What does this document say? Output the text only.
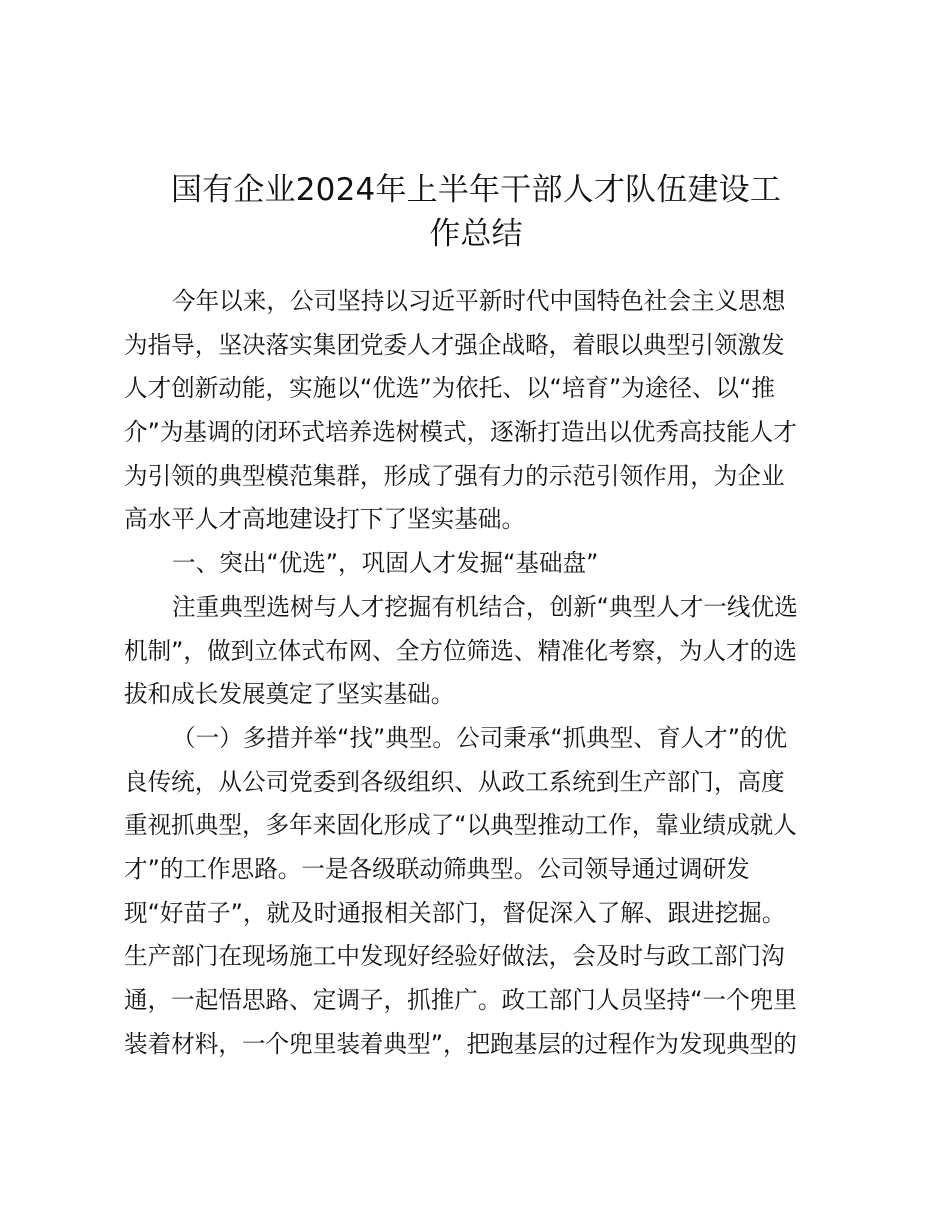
国有企业2024年上半年干部人才队伍建设工
作总结
今年以来，公司坚持以习近平新时代中国特色社会主义思想
为指导，坚决落实集团党委人才强企战略，着眼以典型引领激发
人才创新动能，实施以“优选”为依托、以“培育”为途径、以“推
介”为基调的闭环式培养选树模式，逐渐打造出以优秀高技能人才
为引领的典型模范集群，形成了强有力的示范引领作用，为企业
高水平人才高地建设打下了坚实基础。
一、突出“优选”，巩固人才发掘“基础盘”
注重典型选树与人才挖掘有机结合，创新“典型人才一线优选
机制”，做到立体式布网、全方位筛选、精准化考察，为人才的选
拔和成长发展奠定了坚实基础。
（一）多措并举“找”典型。公司秉承“抓典型、育人才”的优
良传统，从公司党委到各级组织、从政工系统到生产部门，高度
重视抓典型，多年来固化形成了“以典型推动工作，靠业绩成就人
才”的工作思路。一是各级联动筛典型。公司领导通过调研发
现“好苗子”，就及时通报相关部门，督促深入了解、跟进挖掘。
生产部门在现场施工中发现好经验好做法，会及时与政工部门沟
通，一起悟思路、定调子，抓推广。政工部门人员坚持“一个兜里
装着材料，一个兜里装着典型”，把跑基层的过程作为发现典型的
